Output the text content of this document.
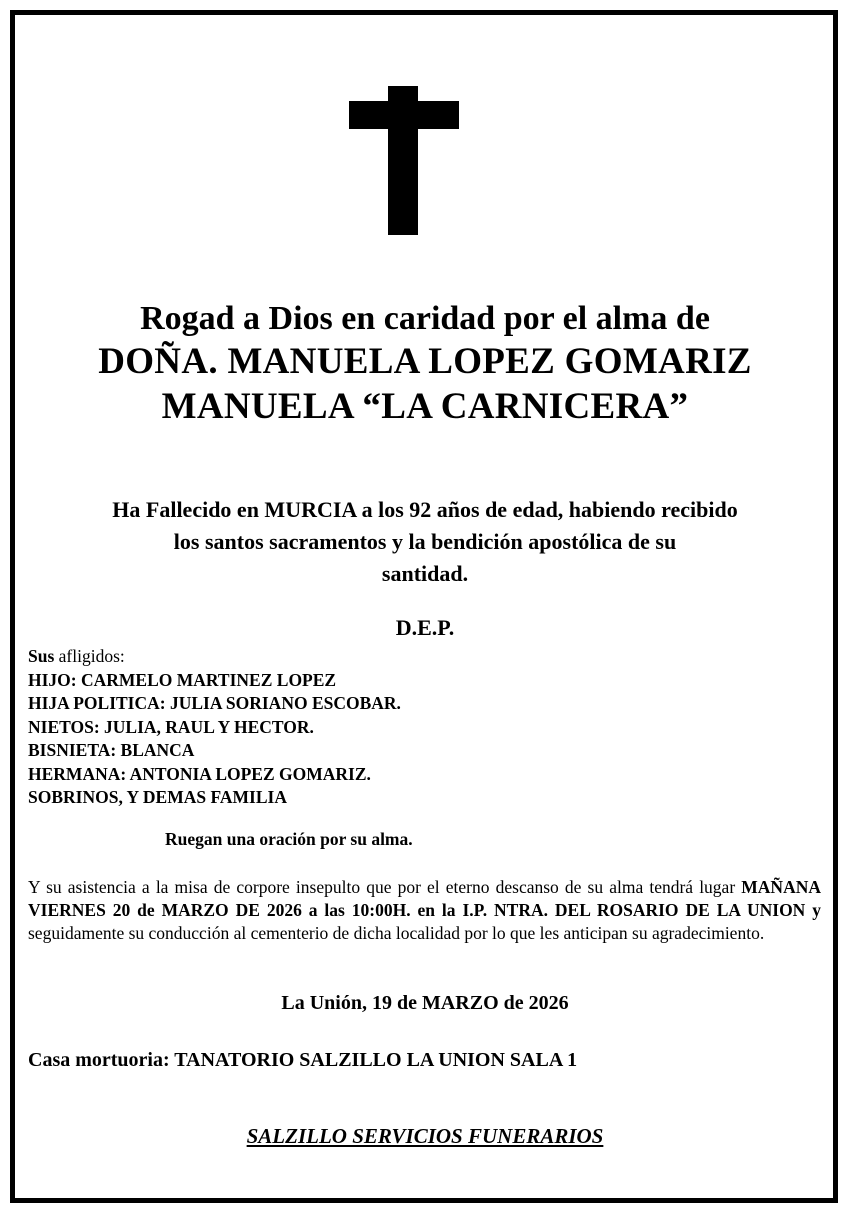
Rogad a Dios en caridad por el alma de

DOÑA. MANUELA LOPEZ GOMARIZ

MANUELA “LA CARNICERA”

Ha Fallecido en MURCIA a los 92 años de edad, habiendo recibido
los santos sacramentos y la bendición apostólica de su
santidad.

D.E.P.

Sus afligidos:
HIJO: CARMELO MARTINEZ LOPEZ
HIJA POLITICA: JULIA SORIANO ESCOBAR.
NIETOS: JULIA, RAUL Y HECTOR.
BISNIETA: BLANCA
HERMANA: ANTONIA LOPEZ GOMARIZ.
SOBRINOS, Y DEMAS FAMILIA

Ruegan una oración por su alma.

Y su asistencia a la misa de corpore insepulto que por el eterno descanso de su alma tendrá lugar MAÑANA VIERNES 20 de MARZO DE 2026 a las 10:00H. en la I.P. NTRA. DEL ROSARIO DE LA UNION y seguidamente su conducción al cementerio de dicha localidad por lo que les anticipan su agradecimiento.

La Unión, 19 de MARZO de 2026

Casa mortuoria: TANATORIO SALZILLO LA UNION SALA 1

SALZILLO SERVICIOS FUNERARIOS
